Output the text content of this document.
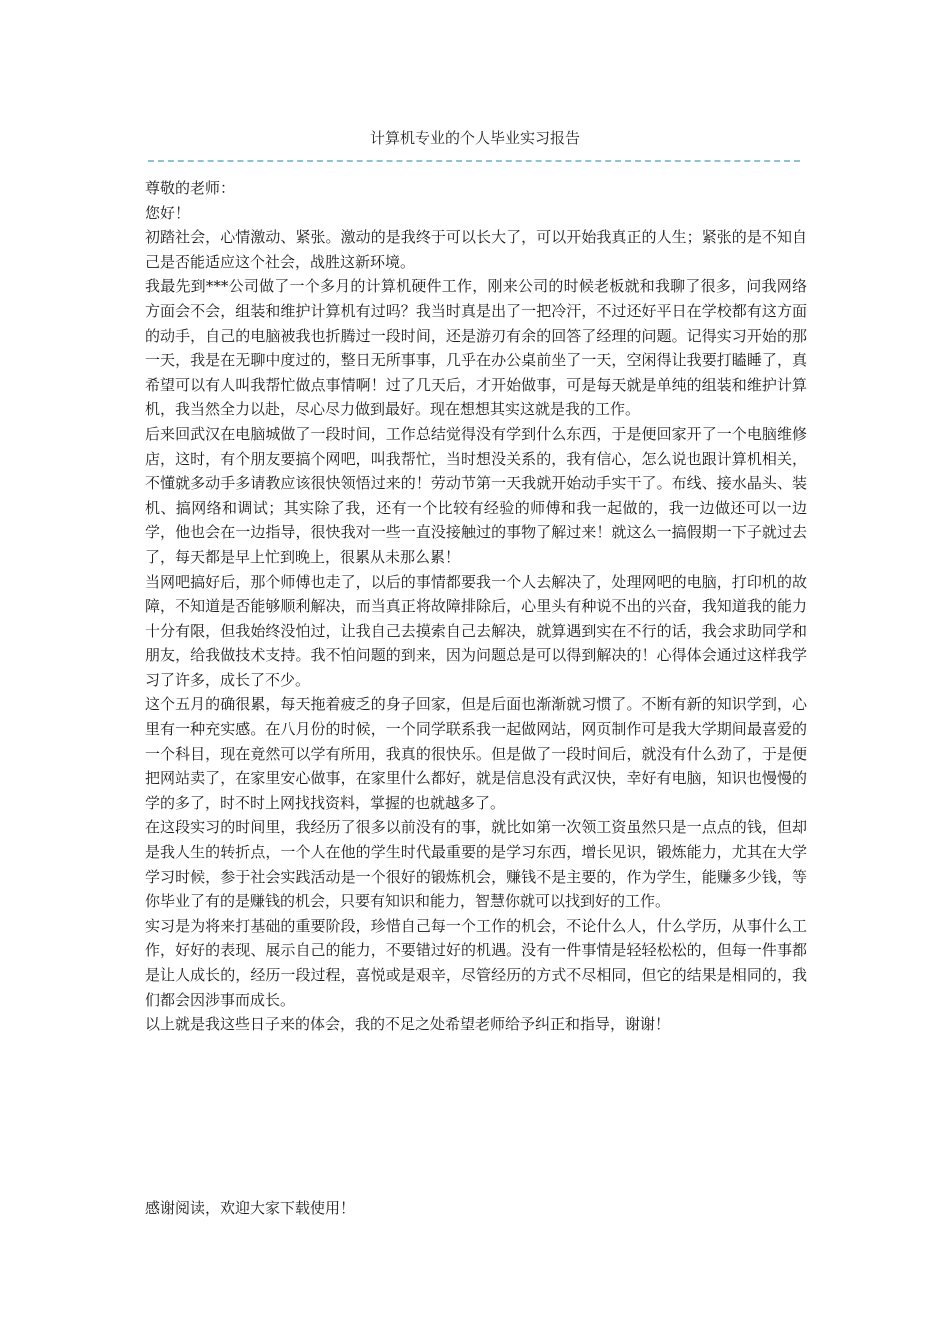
计算机专业的个人毕业实习报告

尊敬的老师：

您好！

初踏社会，心情激动、紧张。激动的是我终于可以长大了，可以开始我真正的人生；紧张的是不知自己是否能适应这个社会，战胜这新环境。

我最先到***公司做了一个多月的计算机硬件工作，刚来公司的时候老板就和我聊了很多，问我网络方面会不会，组装和维护计算机有过吗？我当时真是出了一把冷汗，不过还好平日在学校都有这方面的动手，自己的电脑被我也折腾过一段时间，还是游刃有余的回答了经理的问题。记得实习开始的那一天，我是在无聊中度过的，整日无所事事，几乎在办公桌前坐了一天，空闲得让我要打瞌睡了，真希望可以有人叫我帮忙做点事情啊！过了几天后，才开始做事，可是每天就是单纯的组装和维护计算机，我当然全力以赴，尽心尽力做到最好。现在想想其实这就是我的工作。

后来回武汉在电脑城做了一段时间，工作总结觉得没有学到什么东西，于是便回家开了一个电脑维修店，这时，有个朋友要搞个网吧，叫我帮忙，当时想没关系的，我有信心，怎么说也跟计算机相关，不懂就多动手多请教应该很快领悟过来的！劳动节第一天我就开始动手实干了。布线、接水晶头、装机、搞网络和调试；其实除了我，还有一个比较有经验的师傅和我一起做的，我一边做还可以一边学，他也会在一边指导，很快我对一些一直没接触过的事物了解过来！就这么一搞假期一下子就过去了，每天都是早上忙到晚上，很累从未那么累！

当网吧搞好后，那个师傅也走了，以后的事情都要我一个人去解决了，处理网吧的电脑，打印机的故障，不知道是否能够顺利解决，而当真正将故障排除后，心里头有种说不出的兴奋，我知道我的能力十分有限，但我始终没怕过，让我自己去摸索自己去解决，就算遇到实在不行的话，我会求助同学和朋友，给我做技术支持。我不怕问题的到来，因为问题总是可以得到解决的！心得体会通过这样我学习了许多，成长了不少。

这个五月的确很累，每天拖着疲乏的身子回家，但是后面也渐渐就习惯了。不断有新的知识学到，心里有一种充实感。在八月份的时候，一个同学联系我一起做网站，网页制作可是我大学期间最喜爱的一个科目，现在竟然可以学有所用，我真的很快乐。但是做了一段时间后，就没有什么劲了，于是便把网站卖了，在家里安心做事，在家里什么都好，就是信息没有武汉快，幸好有电脑，知识也慢慢的学的多了，时不时上网找找资料，掌握的也就越多了。

在这段实习的时间里，我经历了很多以前没有的事，就比如第一次领工资虽然只是一点点的钱，但却是我人生的转折点，一个人在他的学生时代最重要的是学习东西，增长见识，锻炼能力，尤其在大学学习时候，参于社会实践活动是一个很好的锻炼机会，赚钱不是主要的，作为学生，能赚多少钱，等你毕业了有的是赚钱的机会，只要有知识和能力，智慧你就可以找到好的工作。

实习是为将来打基础的重要阶段，珍惜自己每一个工作的机会，不论什么人，什么学历，从事什么工作，好好的表现、展示自己的能力，不要错过好的机遇。没有一件事情是轻轻松松的，但每一件事都是让人成长的，经历一段过程，喜悦或是艰辛，尽管经历的方式不尽相同，但它的结果是相同的，我们都会因涉事而成长。

以上就是我这些日子来的体会，我的不足之处希望老师给予纠正和指导，谢谢！

感谢阅读，欢迎大家下载使用！
